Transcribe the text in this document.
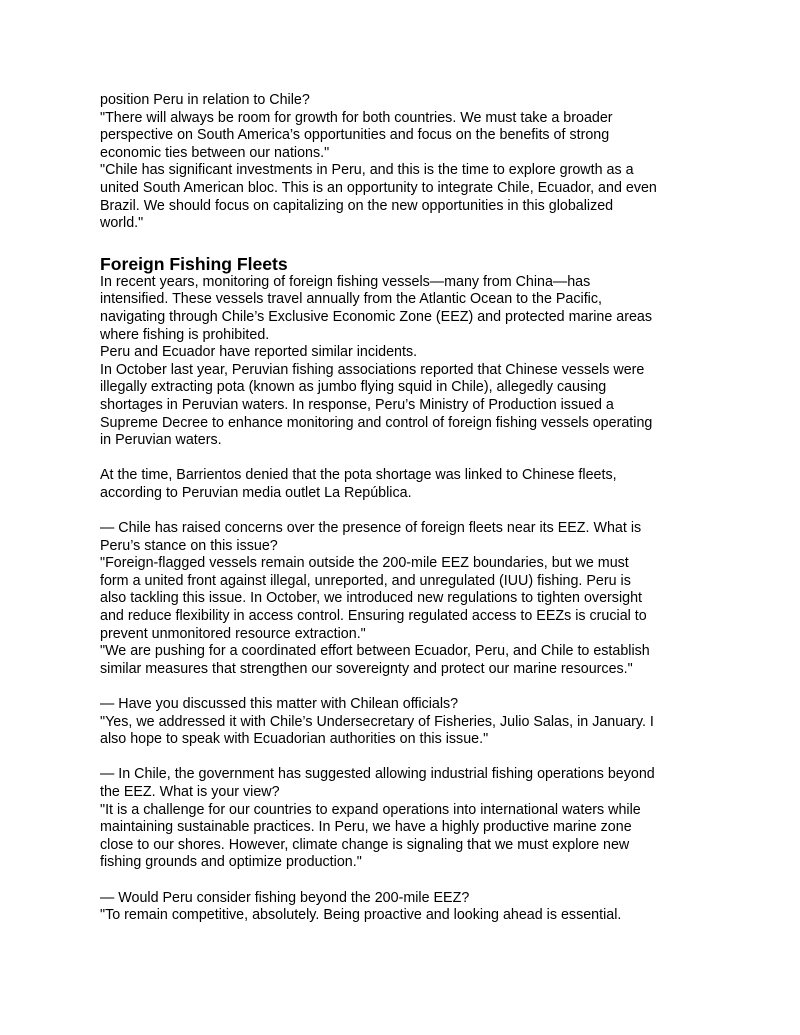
position Peru in relation to Chile?
"There will always be room for growth for both countries. We must take a broader
perspective on South America’s opportunities and focus on the benefits of strong
economic ties between our nations."
"Chile has significant investments in Peru, and this is the time to explore growth as a
united South American bloc. This is an opportunity to integrate Chile, Ecuador, and even
Brazil. We should focus on capitalizing on the new opportunities in this globalized
world."
Foreign Fishing Fleets
In recent years, monitoring of foreign fishing vessels—many from China—has
intensified. These vessels travel annually from the Atlantic Ocean to the Pacific,
navigating through Chile’s Exclusive Economic Zone (EEZ) and protected marine areas
where fishing is prohibited.
Peru and Ecuador have reported similar incidents.
In October last year, Peruvian fishing associations reported that Chinese vessels were
illegally extracting pota (known as jumbo flying squid in Chile), allegedly causing
shortages in Peruvian waters. In response, Peru’s Ministry of Production issued a
Supreme Decree to enhance monitoring and control of foreign fishing vessels operating
in Peruvian waters.
At the time, Barrientos denied that the pota shortage was linked to Chinese fleets,
according to Peruvian media outlet La República.
— Chile has raised concerns over the presence of foreign fleets near its EEZ. What is
Peru’s stance on this issue?
"Foreign-flagged vessels remain outside the 200-mile EEZ boundaries, but we must
form a united front against illegal, unreported, and unregulated (IUU) fishing. Peru is
also tackling this issue. In October, we introduced new regulations to tighten oversight
and reduce flexibility in access control. Ensuring regulated access to EEZs is crucial to
prevent unmonitored resource extraction."
"We are pushing for a coordinated effort between Ecuador, Peru, and Chile to establish
similar measures that strengthen our sovereignty and protect our marine resources."
— Have you discussed this matter with Chilean officials?
"Yes, we addressed it with Chile’s Undersecretary of Fisheries, Julio Salas, in January. I
also hope to speak with Ecuadorian authorities on this issue."
— In Chile, the government has suggested allowing industrial fishing operations beyond
the EEZ. What is your view?
"It is a challenge for our countries to expand operations into international waters while
maintaining sustainable practices. In Peru, we have a highly productive marine zone
close to our shores. However, climate change is signaling that we must explore new
fishing grounds and optimize production."
— Would Peru consider fishing beyond the 200-mile EEZ?
"To remain competitive, absolutely. Being proactive and looking ahead is essential.
